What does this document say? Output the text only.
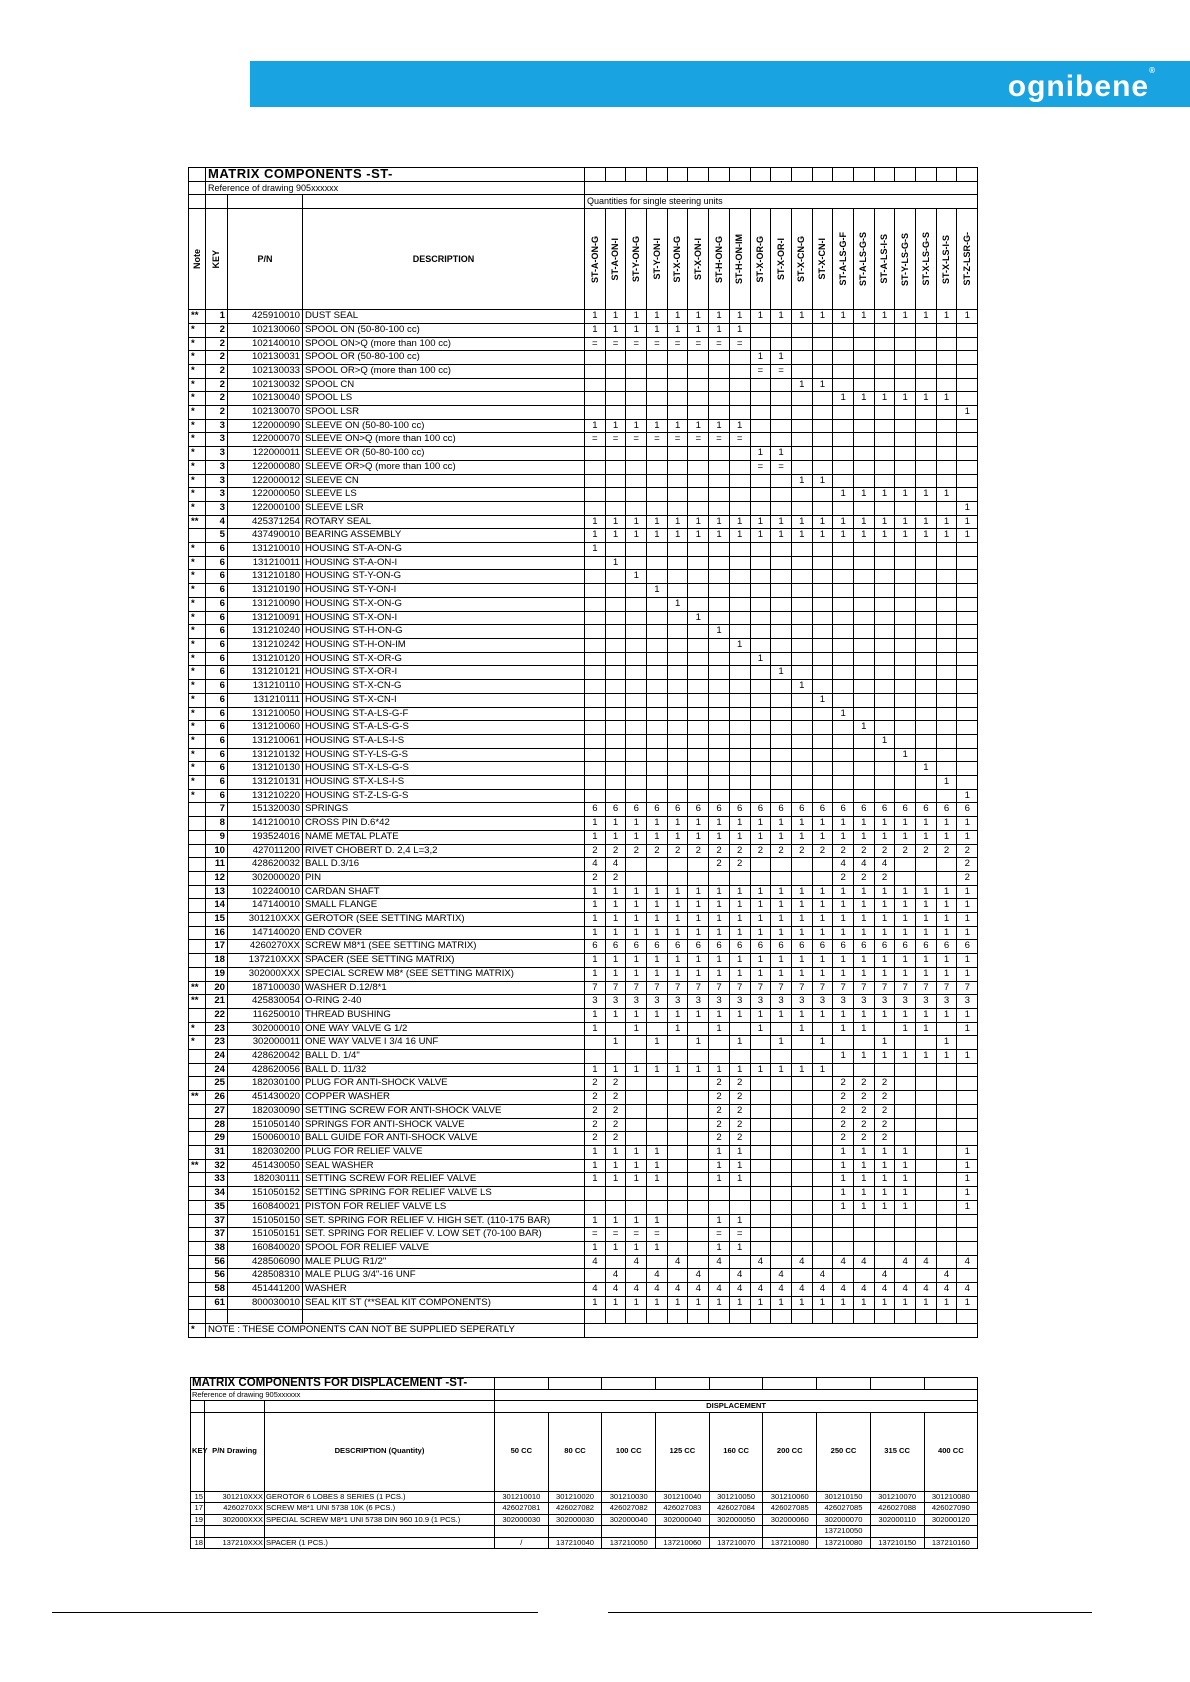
ognibene®
	MATRIX COMPONENTS -ST-																					
	Reference of drawing 905xxxxxx																					
				Quantities for single steering units																		

Note	KEY	P/N	DESCRIPTION	ST-A-ON-G	ST-A-ON-I	ST-Y-ON-G	ST-Y-ON-I	ST-X-ON-G	ST-X-ON-I	ST-H-ON-G	ST-H-ON-IM	ST-X-OR-G	ST-X-OR-I	ST-X-CN-G	ST-X-CN-I	ST-A-LS-G-F	ST-A-LS-G-S	ST-A-LS-I-S	ST-Y-LS-G-S	ST-X-LS-G-S	ST-X-LS-I-S	ST-Z-LSR-G-

**	1	425910010	DUST SEAL	1	1	1	1	1	1	1	1	1	1	1	1	1	1	1	1	1	1	1
*	2	102130060	SPOOL ON (50-80-100 cc)	1	1	1	1	1	1	1	1											
*	2	102140010	SPOOL ON>Q (more than 100 cc)	=	=	=	=	=	=	=	=											
*	2	102130031	SPOOL OR (50-80-100 cc)									1	1									
*	2	102130033	SPOOL OR>Q (more than 100 cc)									=	=									
*	2	102130032	SPOOL CN											1	1							
*	2	102130040	SPOOL LS													1	1	1	1	1	1	
*	2	102130070	SPOOL LSR																			1
*	3	122000090	SLEEVE ON (50-80-100 cc)	1	1	1	1	1	1	1	1											
*	3	122000070	SLEEVE ON>Q (more than 100 cc)	=	=	=	=	=	=	=	=											
*	3	122000011	SLEEVE OR (50-80-100 cc)									1	1									
*	3	122000080	SLEEVE OR>Q (more than 100 cc)									=	=									
*	3	122000012	SLEEVE CN											1	1							
*	3	122000050	SLEEVE LS													1	1	1	1	1	1	
*	3	122000100	SLEEVE LSR																			1
**	4	425371254	ROTARY SEAL	1	1	1	1	1	1	1	1	1	1	1	1	1	1	1	1	1	1	1
	5	437490010	BEARING ASSEMBLY	1	1	1	1	1	1	1	1	1	1	1	1	1	1	1	1	1	1	1
*	6	131210010	HOUSING ST-A-ON-G	1																		
*	6	131210011	HOUSING ST-A-ON-I		1																	
*	6	131210180	HOUSING ST-Y-ON-G			1																
*	6	131210190	HOUSING ST-Y-ON-I				1															
*	6	131210090	HOUSING ST-X-ON-G					1														
*	6	131210091	HOUSING ST-X-ON-I						1													
*	6	131210240	HOUSING ST-H-ON-G							1												
*	6	131210242	HOUSING ST-H-ON-IM								1											
*	6	131210120	HOUSING ST-X-OR-G									1										
*	6	131210121	HOUSING ST-X-OR-I										1									
*	6	131210110	HOUSING ST-X-CN-G											1								
*	6	131210111	HOUSING ST-X-CN-I												1							
*	6	131210050	HOUSING ST-A-LS-G-F													1						
*	6	131210060	HOUSING ST-A-LS-G-S														1					
*	6	131210061	HOUSING ST-A-LS-I-S															1				
*	6	131210132	HOUSING ST-Y-LS-G-S																1			
*	6	131210130	HOUSING ST-X-LS-G-S																	1		
*	6	131210131	HOUSING ST-X-LS-I-S																		1	
*	6	131210220	HOUSING ST-Z-LS-G-S																			1
	7	151320030	SPRINGS	6	6	6	6	6	6	6	6	6	6	6	6	6	6	6	6	6	6	6
	8	141210010	CROSS PIN D.6*42	1	1	1	1	1	1	1	1	1	1	1	1	1	1	1	1	1	1	1
	9	193524016	NAME METAL PLATE	1	1	1	1	1	1	1	1	1	1	1	1	1	1	1	1	1	1	1
	10	427011200	RIVET CHOBERT D. 2,4 L=3,2	2	2	2	2	2	2	2	2	2	2	2	2	2	2	2	2	2	2	2
	11	428620032	BALL D.3/16	4	4					2	2					4	4	4				2
	12	302000020	PIN	2	2											2	2	2				2
	13	102240010	CARDAN SHAFT	1	1	1	1	1	1	1	1	1	1	1	1	1	1	1	1	1	1	1
	14	147140010	SMALL FLANGE	1	1	1	1	1	1	1	1	1	1	1	1	1	1	1	1	1	1	1
	15	301210XXX	GEROTOR (SEE SETTING MARTIX)	1	1	1	1	1	1	1	1	1	1	1	1	1	1	1	1	1	1	1
	16	147140020	END COVER	1	1	1	1	1	1	1	1	1	1	1	1	1	1	1	1	1	1	1
	17	4260270XX	SCREW M8*1 (SEE SETTING MATRIX)	6	6	6	6	6	6	6	6	6	6	6	6	6	6	6	6	6	6	6
	18	137210XXX	SPACER (SEE SETTING MATRIX)	1	1	1	1	1	1	1	1	1	1	1	1	1	1	1	1	1	1	1
	19	302000XXX	SPECIAL SCREW M8* (SEE SETTING MATRIX)	1	1	1	1	1	1	1	1	1	1	1	1	1	1	1	1	1	1	1
**	20	187100030	WASHER D.12/8*1	7	7	7	7	7	7	7	7	7	7	7	7	7	7	7	7	7	7	7
**	21	425830054	O-RING 2-40	3	3	3	3	3	3	3	3	3	3	3	3	3	3	3	3	3	3	3
	22	116250010	THREAD BUSHING	1	1	1	1	1	1	1	1	1	1	1	1	1	1	1	1	1	1	1
*	23	302000010	ONE WAY VALVE G 1/2	1		1		1		1		1		1		1	1		1	1		1
*	23	302000011	ONE WAY VALVE I 3/4 16 UNF		1		1		1		1		1		1			1			1	
	24	428620042	BALL D. 1/4"													1	1	1	1	1	1	1
	24	428620056	BALL D. 11/32	1	1	1	1	1	1	1	1	1	1	1	1							
	25	182030100	PLUG FOR ANTI-SHOCK VALVE	2	2					2	2					2	2	2				
**	26	451430020	COPPER WASHER	2	2					2	2					2	2	2				
	27	182030090	SETTING SCREW FOR ANTI-SHOCK VALVE	2	2					2	2					2	2	2				
	28	151050140	SPRINGS FOR ANTI-SHOCK VALVE	2	2					2	2					2	2	2				
	29	150060010	BALL GUIDE FOR ANTI-SHOCK VALVE	2	2					2	2					2	2	2				
	31	182030200	PLUG FOR RELIEF VALVE	1	1	1	1			1	1					1	1	1	1			1
**	32	451430050	SEAL WASHER	1	1	1	1			1	1					1	1	1	1			1
	33	182030111	SETTING SCREW FOR RELIEF VALVE	1	1	1	1			1	1					1	1	1	1			1
	34	151050152	SETTING SPRING FOR RELIEF VALVE LS													1	1	1	1			1
	35	160840021	PISTON FOR RELIEF VALVE LS													1	1	1	1			1
	37	151050150	SET. SPRING FOR RELIEF V. HIGH SET. (110-175 BAR)	1	1	1	1			1	1											
	37	151050151	SET. SPRING FOR RELIEF V. LOW SET (70-100 BAR)	=	=	=	=			=	=											
	38	160840020	SPOOL FOR RELIEF VALVE	1	1	1	1			1	1											
	56	428506090	MALE PLUG R1/2"	4		4		4		4		4		4		4	4		4	4		4
	56	428508310	MALE PLUG 3/4"-16 UNF		4		4		4		4		4		4			4			4	
	58	451441200	WASHER	4	4	4	4	4	4	4	4	4	4	4	4	4	4	4	4	4	4	4
	61	800030010	SEAL KIT ST (**SEAL KIT COMPONENTS)	1	1	1	1	1	1	1	1	1	1	1	1	1	1	1	1	1	1	1

*	NOTE : THESE COMPONENTS CAN NOT BE SUPPLIED SEPERATLY																					
MATRIX COMPONENTS FOR DISPLACEMENT -ST-											
Reference of drawing 905xxxxxx											
			DISPLACEMENT								
KEY	P/N Drawing	DESCRIPTION (Quantity)	50 CC	80 CC	100 CC	125 CC	160 CC	200 CC	250 CC	315 CC	400 CC
15	301210XXX	GEROTOR 6 LOBES 8 SERIES (1 PCS.)	301210010	301210020	301210030	301210040	301210050	301210060	301210150	301210070	301210080
17	4260270XX	SCREW M8*1 UNI 5738 10K (6 PCS.)	426027081	426027082	426027082	426027083	426027084	426027085	426027085	426027088	426027090
19	302000XXX	SPECIAL SCREW M8*1 UNI 5738 DIN 960 10.9 (1 PCS.)	302000030	302000030	302000040	302000040	302000050	302000060	302000070	302000110	302000120
									137210050		
18	137210XXX	SPACER (1 PCS.)	/	137210040	137210050	137210060	137210070	137210080	137210080	137210150	137210160
